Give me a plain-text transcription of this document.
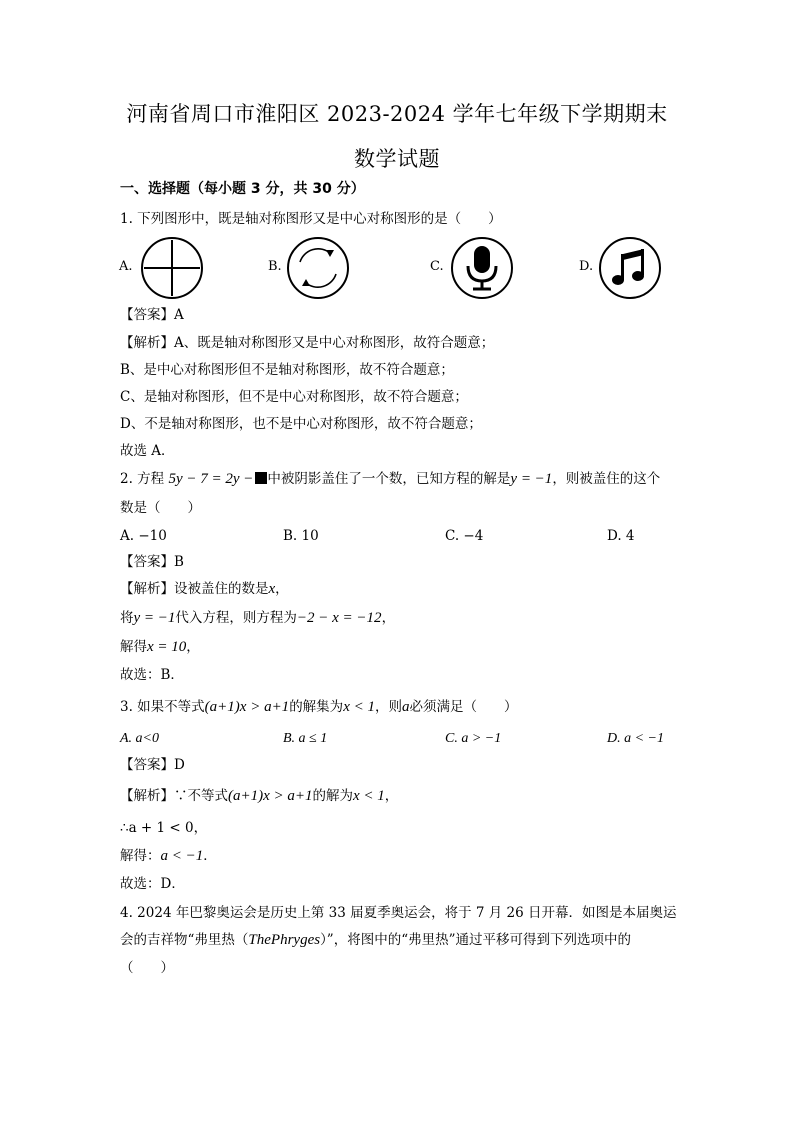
河南省周口市淮阳区 2023-2024 学年七年级下学期期末
数学试题
一、选择题（每小题 3 分，共 30 分）
1. 下列图形中，既是轴对称图形又是中心对称图形的是（　　）
A.	B.	C.	D.
【答案】A
【解析】A、既是轴对称图形又是中心对称图形，故符合题意；
B、是中心对称图形但不是轴对称图形，故不符合题意；
C、是轴对称图形，但不是中心对称图形，故不符合题意；
D、不是轴对称图形，也不是中心对称图形，故不符合题意；
故选 A．
2. 方程 5y − 7 = 2y − 中被阴影盖住了一个数，已知方程的解是y = −1，则被盖住的这个
数是（　　）
A. −10	B. 10	C. −4	D. 4
【答案】B
【解析】设被盖住的数是x，
将y = −1代入方程，则方程为−2 − x = −12，
解得x = 10，
故选：B．
3. 如果不等式(a+1)x > a+1的解集为x < 1，则a必须满足（　　）
A. a<0	B. a ≤ 1	C. a > −1	D. a < −1
【答案】D
【解析】∵不等式(a+1)x > a+1的解为x < 1，
∴a + 1 < 0，
解得：a < −1．
故选：D．
4. 2024 年巴黎奥运会是历史上第 33 届夏季奥运会，将于 7 月 26 日开幕．如图是本届奥运
会的吉祥物“弗里热（ThePhryges）”，将图中的“弗里热”通过平移可得到下列选项中的
（　　）
